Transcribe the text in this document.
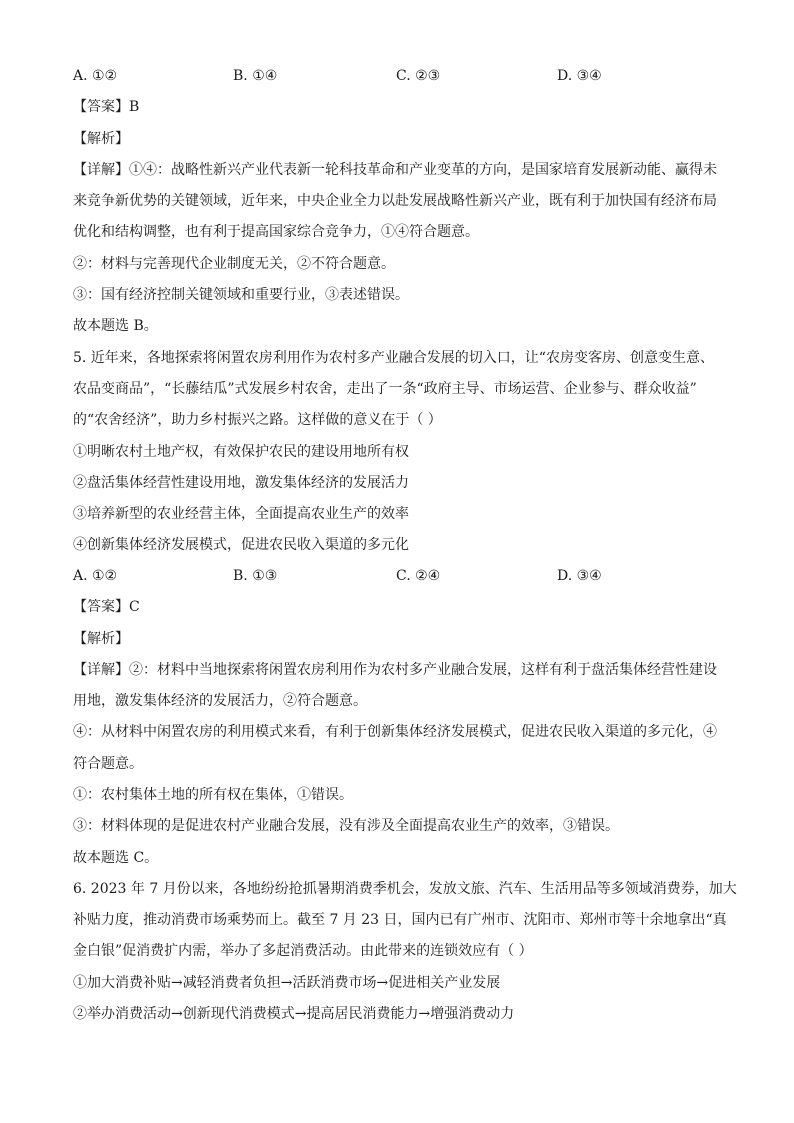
A. ①②	B. ①④	C. ②③	D. ③④
【答案】B
【解析】
【详解】①④：战略性新兴产业代表新一轮科技革命和产业变革的方向，是国家培育发展新动能、赢得未
来竞争新优势的关键领域，近年来，中央企业全力以赴发展战略性新兴产业，既有利于加快国有经济布局
优化和结构调整，也有利于提高国家综合竞争力，①④符合题意。
②：材料与完善现代企业制度无关，②不符合题意。
③：国有经济控制关键领域和重要行业，③表述错误。
故本题选 B。
5. 近年来，各地探索将闲置农房利用作为农村多产业融合发展的切入口，让“农房变客房、创意变生意、
农品变商品”，“长藤结瓜”式发展乡村农舍，走出了一条“政府主导、市场运营、企业参与、群众收益”
的“农舍经济”，助力乡村振兴之路。这样做的意义在于（ ）
①明晰农村土地产权，有效保护农民的建设用地所有权
②盘活集体经营性建设用地，激发集体经济的发展活力
③培养新型的农业经营主体，全面提高农业生产的效率
④创新集体经济发展模式，促进农民收入渠道的多元化
A. ①②	B. ①③	C. ②④	D. ③④
【答案】C
【解析】
【详解】②：材料中当地探索将闲置农房利用作为农村多产业融合发展，这样有利于盘活集体经营性建设
用地，激发集体经济的发展活力，②符合题意。
④：从材料中闲置农房的利用模式来看，有利于创新集体经济发展模式，促进农民收入渠道的多元化，④
符合题意。
①：农村集体土地的所有权在集体，①错误。
③：材料体现的是促进农村产业融合发展，没有涉及全面提高农业生产的效率，③错误。
故本题选 C。
6. 2023 年 7 月份以来，各地纷纷抢抓暑期消费季机会，发放文旅、汽车、生活用品等多领域消费券，加大
补贴力度，推动消费市场乘势而上。截至 7 月 23 日，国内已有广州市、沈阳市、郑州市等十余地拿出“真
金白银”促消费扩内需，举办了多起消费活动。由此带来的连锁效应有（ ）
①加大消费补贴→减轻消费者负担→活跃消费市场→促进相关产业发展
②举办消费活动→创新现代消费模式→提高居民消费能力→增强消费动力
